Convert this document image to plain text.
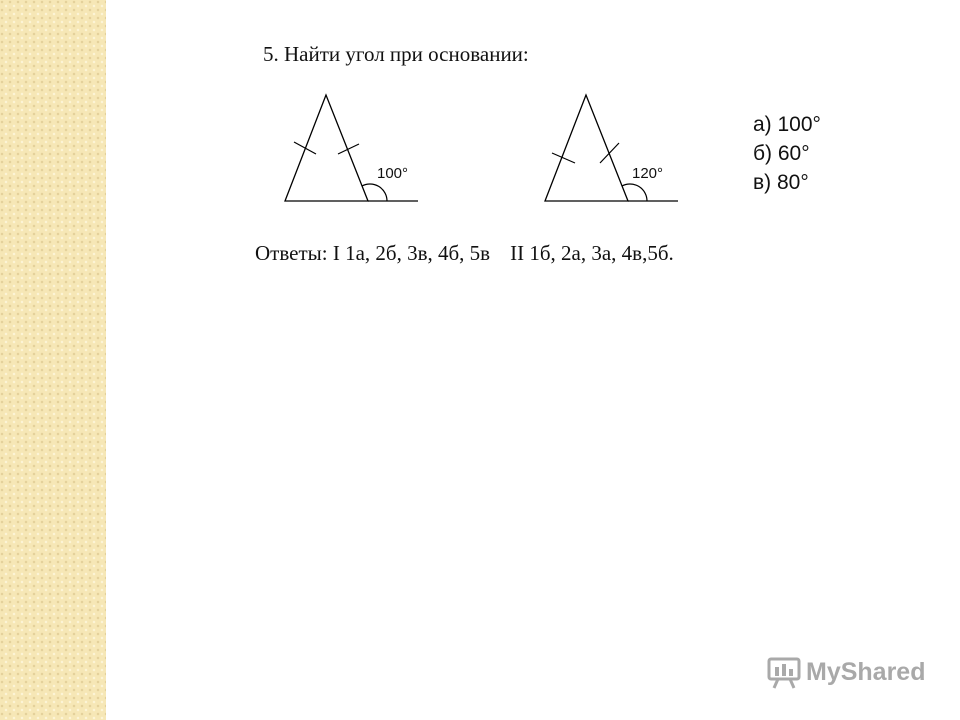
5. Найти угол при основании:
100°	120°
а) 100°
б) 60°
в) 80°
Ответы: I 1а, 2б, 3в, 4б, 5в II 1б, 2а, 3а, 4в,5б.
MyShared
